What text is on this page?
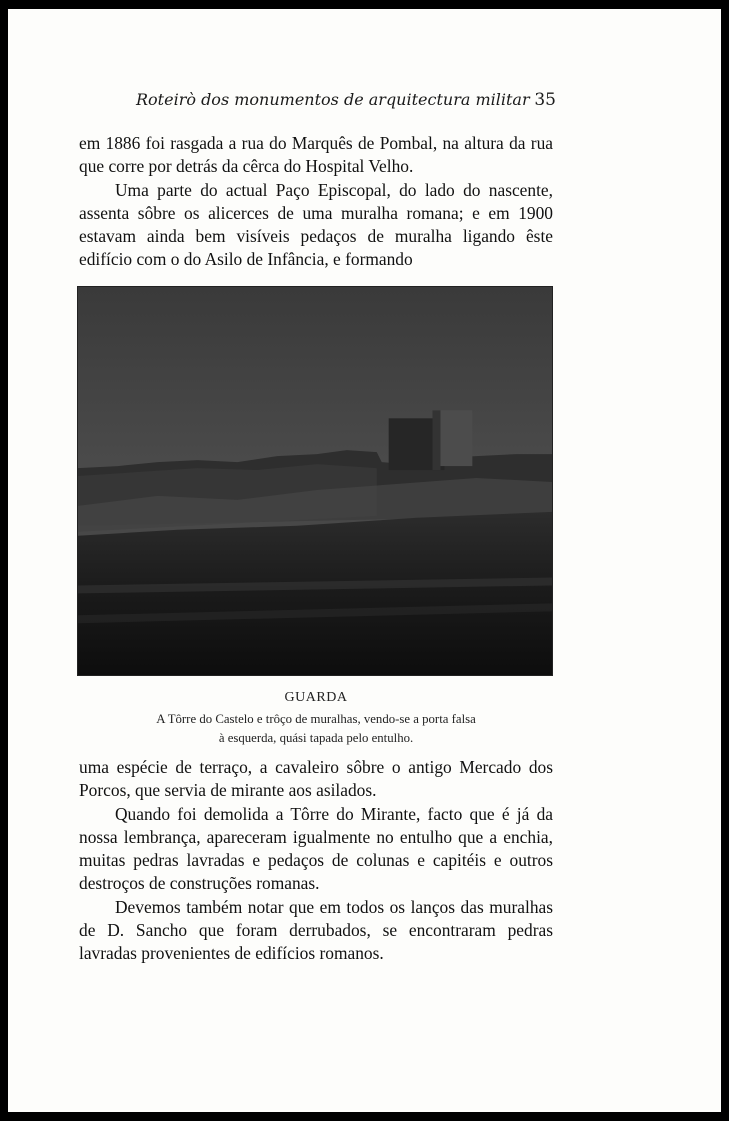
Roteirò dos monumentos de arquitectura militar 35

em 1886 foi rasgada a rua do Marquês de Pombal, na altura da rua que corre por detrás da cêrca do Hospital Velho.

Uma parte do actual Paço Episcopal, do lado do nascente, assenta sôbre os alicerces de uma muralha romana; e em 1900 estavam ainda bem visíveis pedaços de muralha ligando êste edifício com o do Asilo de Infância, e formando

GUARDA
A Tôrre do Castelo e trôço de muralhas, vendo-se a porta falsa
à esquerda, quási tapada pelo entulho.

uma espécie de terraço, a cavaleiro sôbre o antigo Mercado dos Porcos, que servia de mirante aos asilados.

Quando foi demolida a Tôrre do Mirante, facto que é já da nossa lembrança, apareceram igualmente no entulho que a enchia, muitas pedras lavradas e pedaços de colunas e capitéis e outros destroços de construções romanas.

Devemos também notar que em todos os lanços das muralhas de D. Sancho que foram derrubados, se encontraram pedras lavradas provenientes de edifícios romanos.
